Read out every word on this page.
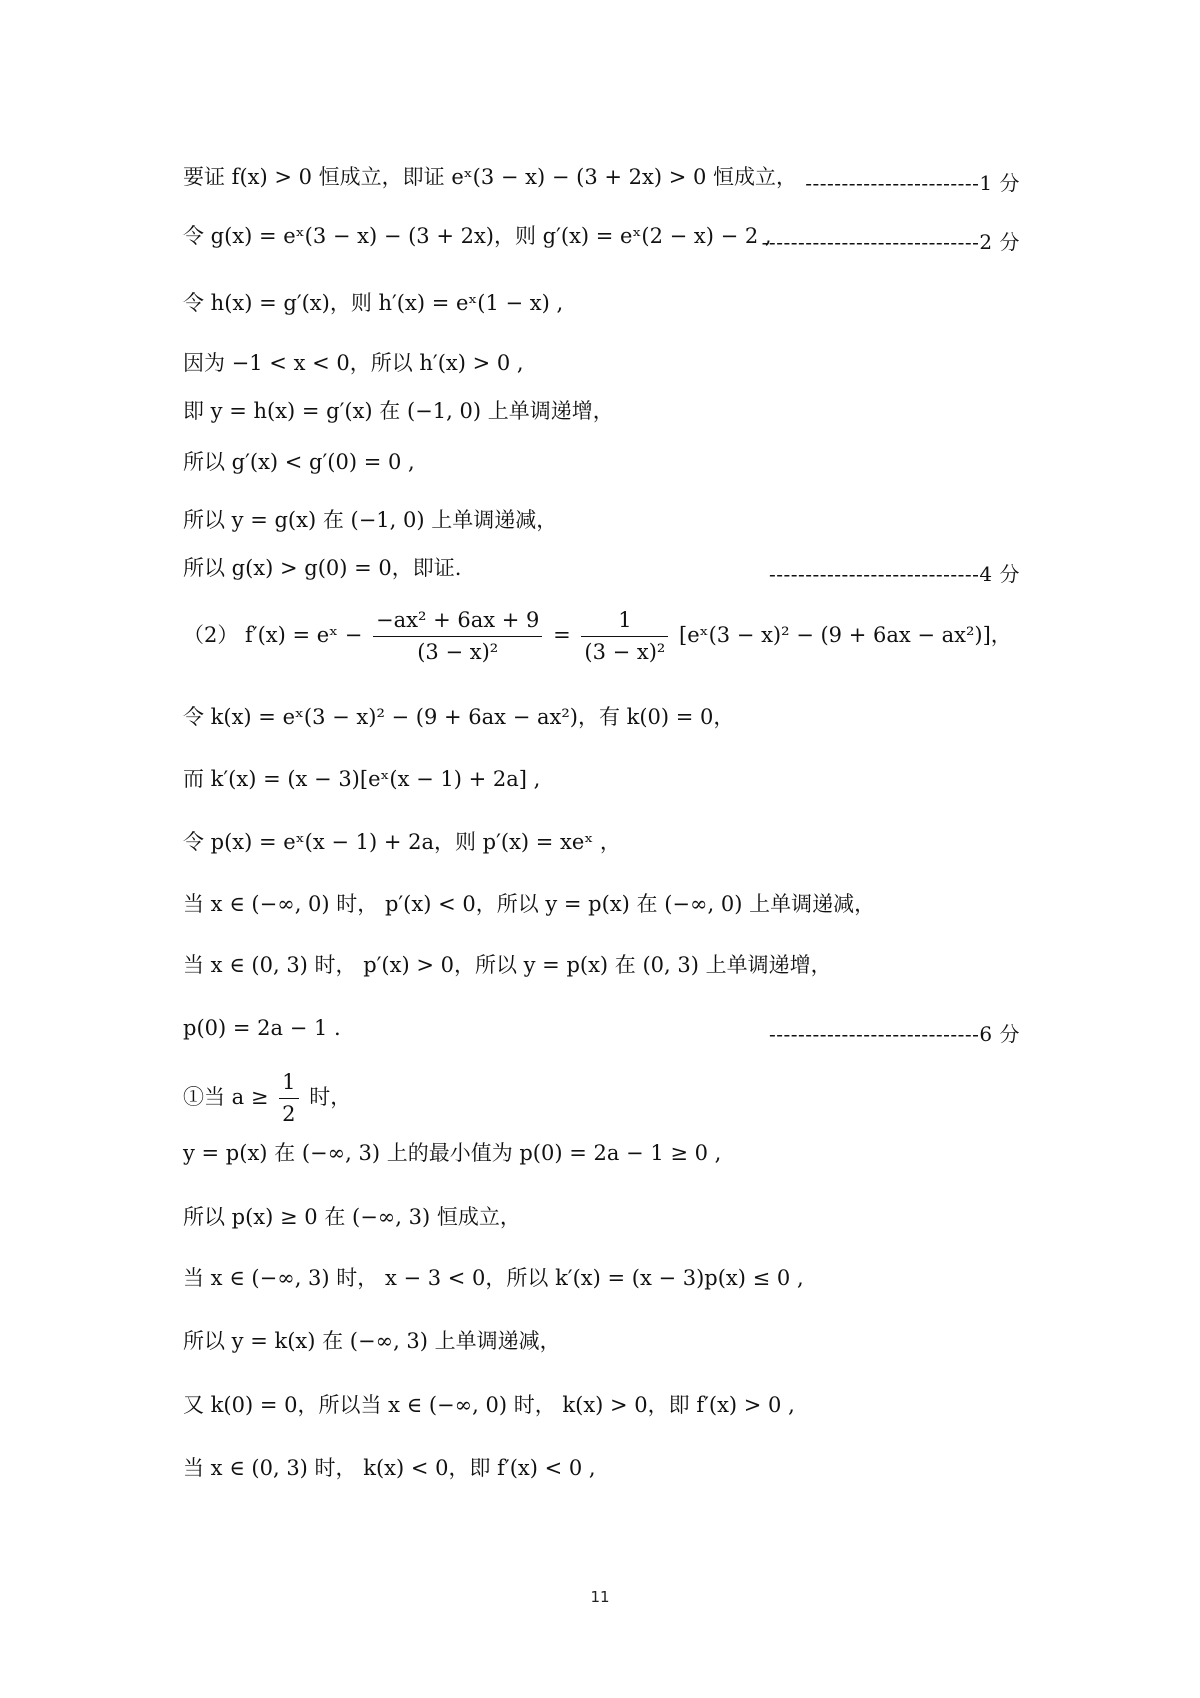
要证 f(x) > 0 恒成立，即证 eˣ(3 − x) − (3 + 2x) > 0 恒成立， ------------------------1 分
令 g(x) = eˣ(3 − x) − (3 + 2x)，则 g′(x) = eˣ(2 − x) − 2 ,
------------------------------2 分
令 h(x) = g′(x)，则 h′(x) = eˣ(1 − x) ,
因为 −1 < x < 0，所以 h′(x) > 0 ,
即 y = h(x) = g′(x) 在 (−1, 0) 上单调递增，
所以 g′(x) < g′(0) = 0 ,
所以 y = g(x) 在 (−1, 0) 上单调递减，
所以 g(x) > g(0) = 0，即证.	-----------------------------4 分
（2） f′(x) = eˣ − $\frac{\text{−ax² + 6ax + 9}}{\text{(3 − x)²}} = \frac{1}{\text{(3 − x)²}}$ [eˣ(3 − x)² − (9 + 6ax − ax²)]，
令 k(x) = eˣ(3 − x)² − (9 + 6ax − ax²)，有 k(0) = 0，
而 k′(x) = (x − 3)[eˣ(x − 1) + 2a] ,
令 p(x) = eˣ(x − 1) + 2a，则 p′(x) = xeˣ ，
当 x ∈ (−∞, 0) 时， p′(x) < 0，所以 y = p(x) 在 (−∞, 0) 上单调递减，
当 x ∈ (0, 3) 时， p′(x) > 0，所以 y = p(x) 在 (0, 3) 上单调递增，
p(0) = 2a − 1 .	-----------------------------6 分
①当 $a \ge \frac{1}{2}$ 时，
y = p(x) 在 (−∞, 3) 上的最小值为 p(0) = 2a − 1 ≥ 0 ,
所以 p(x) ≥ 0 在 (−∞, 3) 恒成立，
当 x ∈ (−∞, 3) 时， x − 3 < 0，所以 k′(x) = (x − 3)p(x) ≤ 0 ,
所以 y = k(x) 在 (−∞, 3) 上单调递减，
又 k(0) = 0，所以当 x ∈ (−∞, 0) 时， k(x) > 0，即 f′(x) > 0 ,
当 x ∈ (0, 3) 时， k(x) < 0，即 f′(x) < 0 ,
11
